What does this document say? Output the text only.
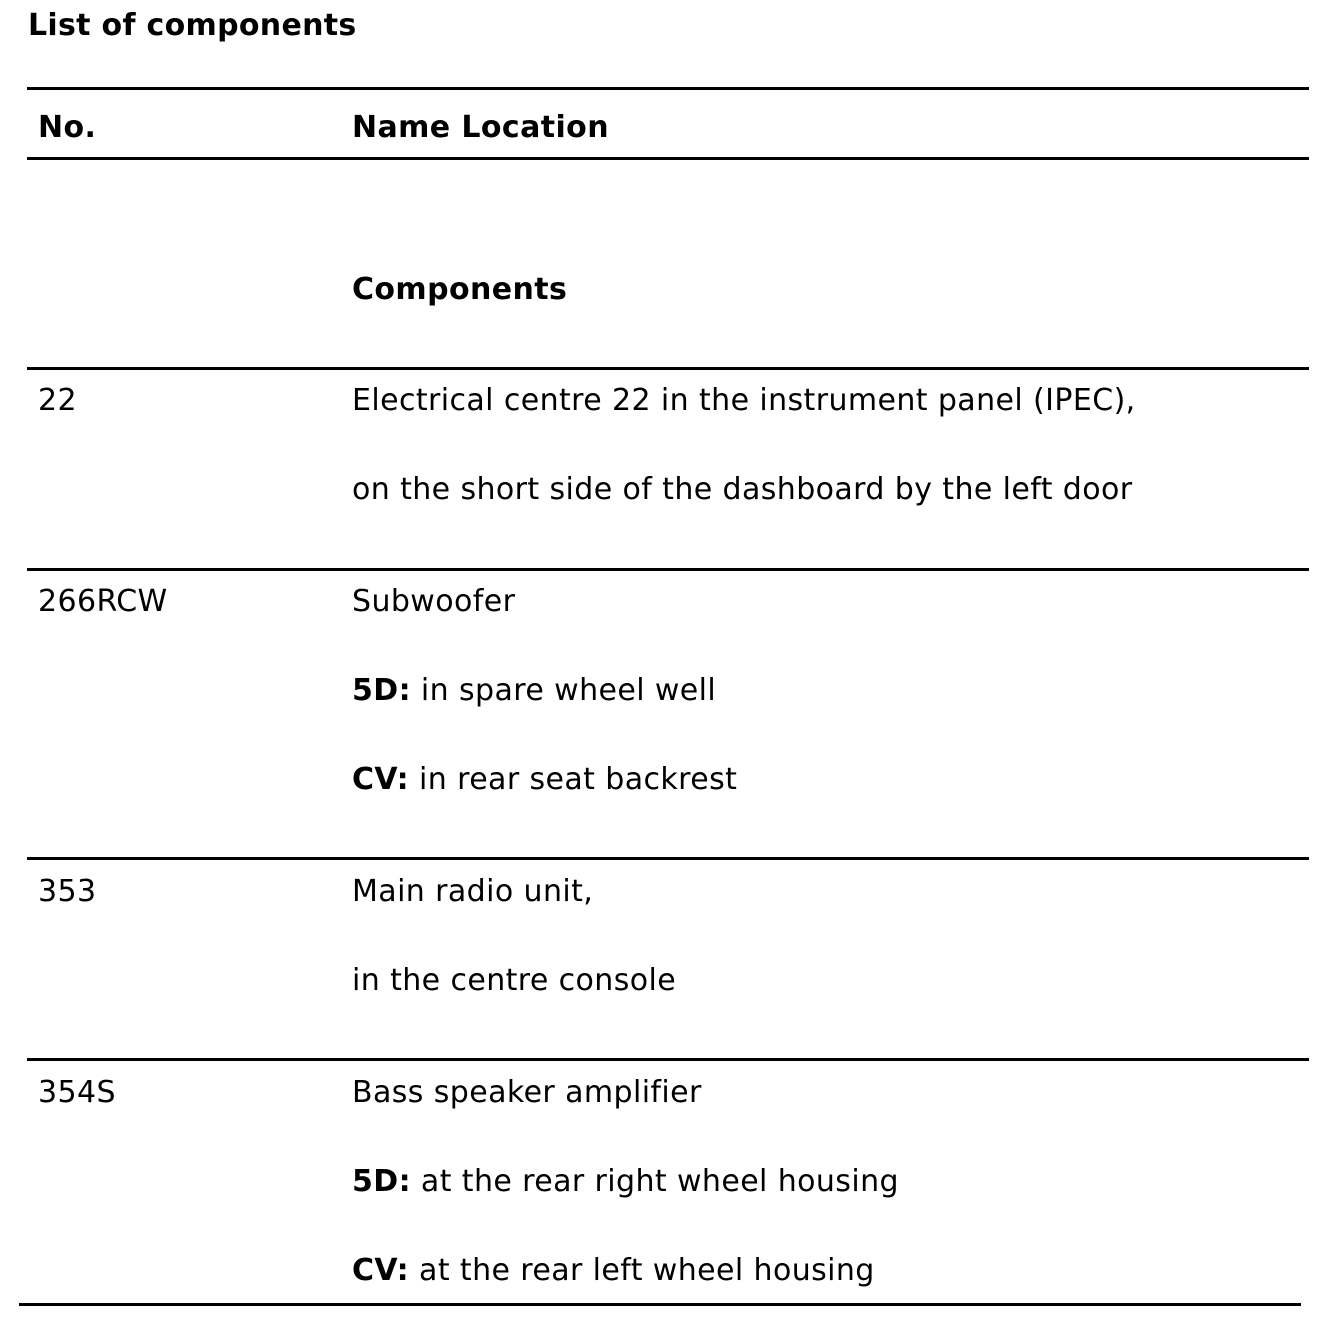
List of components
No.	Name Location
Components
22	Electrical centre 22 in the instrument panel (IPEC),
on the short side of the dashboard by the left door
266RCW	Subwoofer
5D: in spare wheel well
CV: in rear seat backrest
353	Main radio unit,
in the centre console
354S	Bass speaker amplifier
5D: at the rear right wheel housing
CV: at the rear left wheel housing
